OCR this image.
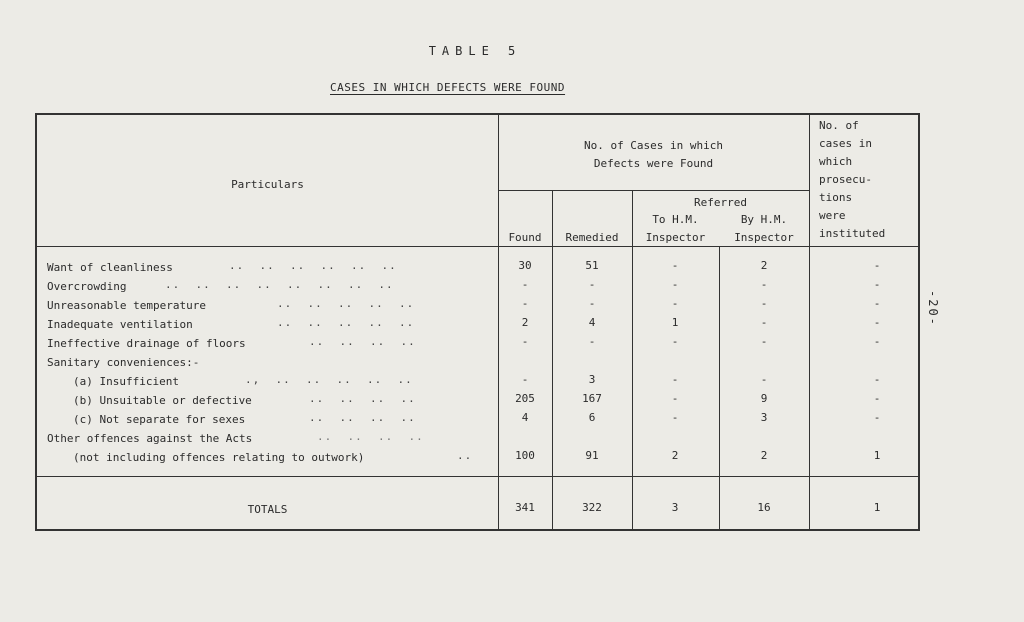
TABLE 5
CASES IN WHICH DEFECTS WERE FOUND
-20-
Particulars
No. of Cases in which
Defects were Found
No. of
cases in
which
prosecu-
tions
were
instituted
Referred
Found	Remedied
To H.M.
Inspector
By H.M.
Inspector
Want of cleanliness	..  ..  ..  ..  ..  ..	30	51	-	2	-
Overcrowding	..  ..  ..  ..  ..  ..  ..  ..	-	-	-	-	-
Unreasonable temperature	..  ..  ..  ..  ..	-	-	-	-	-
Inadequate ventilation	..  ..  ..  ..  ..	2	4	1	-	-
Ineffective drainage of floors	..  ..  ..  ..	-	-	-	-	-
Sanitary conveniences:-
(a) Insufficient	.,  ..  ..  ..  ..  ..	-	3	-	-	-
(b) Unsuitable or defective	..  ..  ..  ..	205	167	-	9	-
(c) Not separate for sexes	..  ..  ..  ..	4	6	-	3	-
Other offences against the Acts	..  ..  ..  ..
(not including offences relating to outwork)	..	100	91	2	2	1
TOTALS	341	322	3	16	1
